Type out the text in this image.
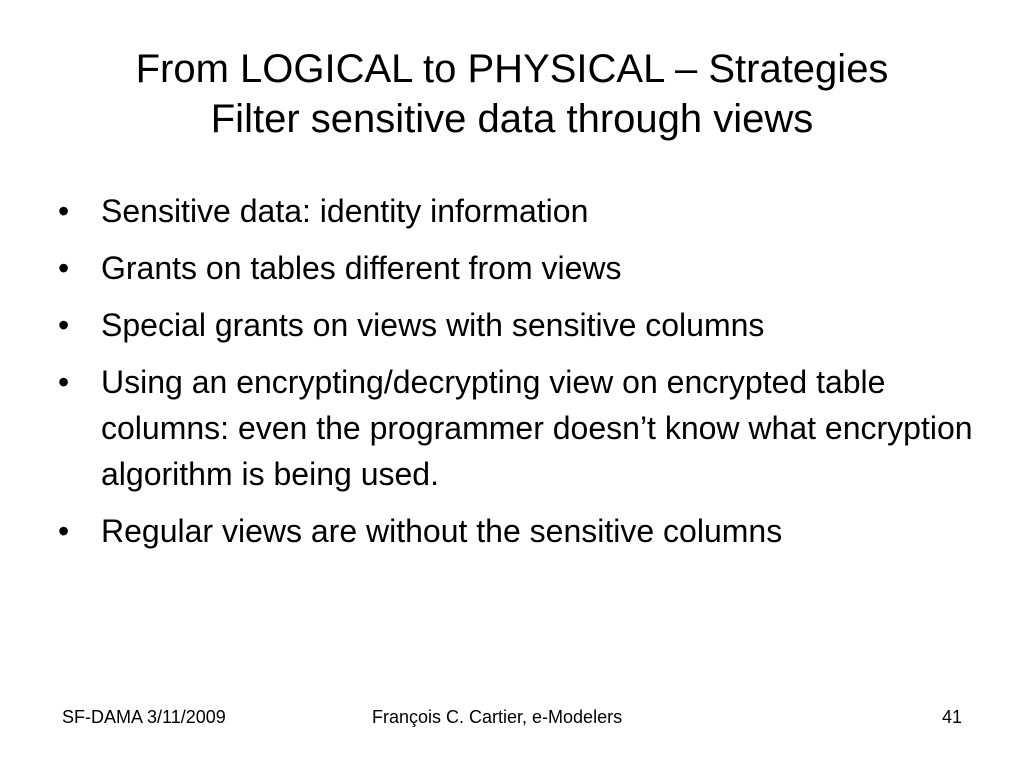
From LOGICAL to PHYSICAL – Strategies
Filter sensitive data through views
• Sensitive data: identity information
• Grants on tables different from views
• Special grants on views with sensitive columns
• Using an encrypting/decrypting view on encrypted table columns: even the programmer doesn’t know what encryption algorithm is being used.
• Regular views are without the sensitive columns
SF-DAMA 3/11/2009	François C. Cartier, e-Modelers	41
